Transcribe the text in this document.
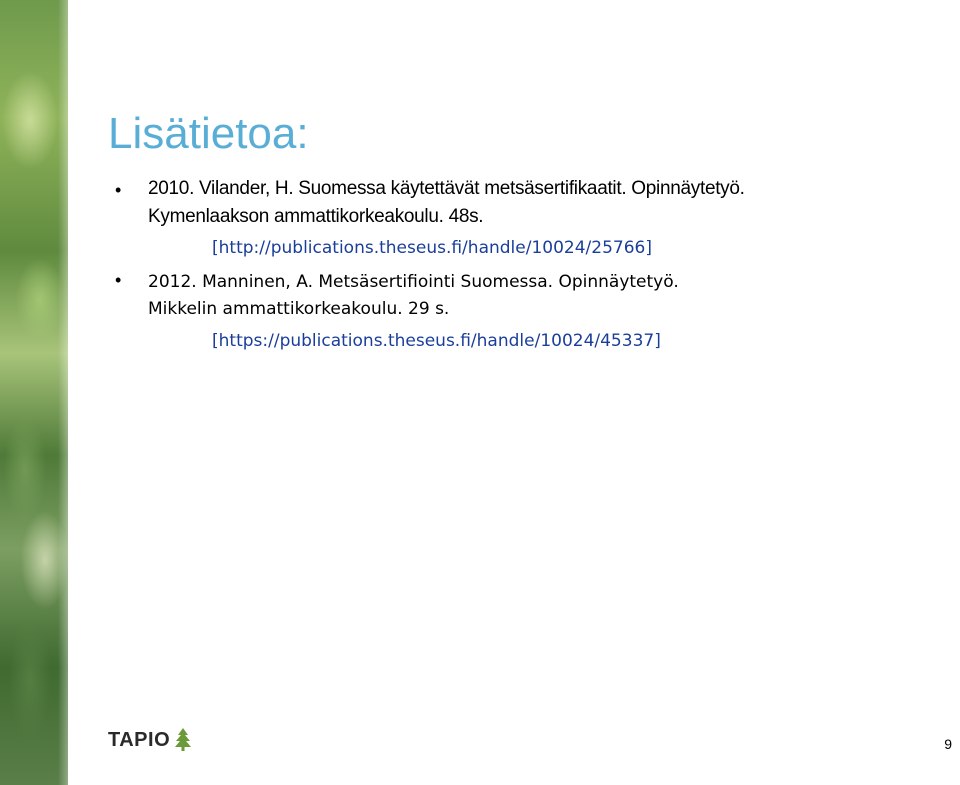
Lisätietoa:
• 2010. Vilander, H. Suomessa käytettävät metsäsertifikaatit. Opinnäytetyö.
Kymenlaakson ammattikorkeakoulu. 48s.
[http://publications.theseus.fi/handle/10024/25766]
• 2012. Manninen, A. Metsäsertifiointi Suomessa. Opinnäytetyö.
Mikkelin ammattikorkeakoulu. 29 s.
[https://publications.theseus.fi/handle/10024/45337]
TAPIO	9
